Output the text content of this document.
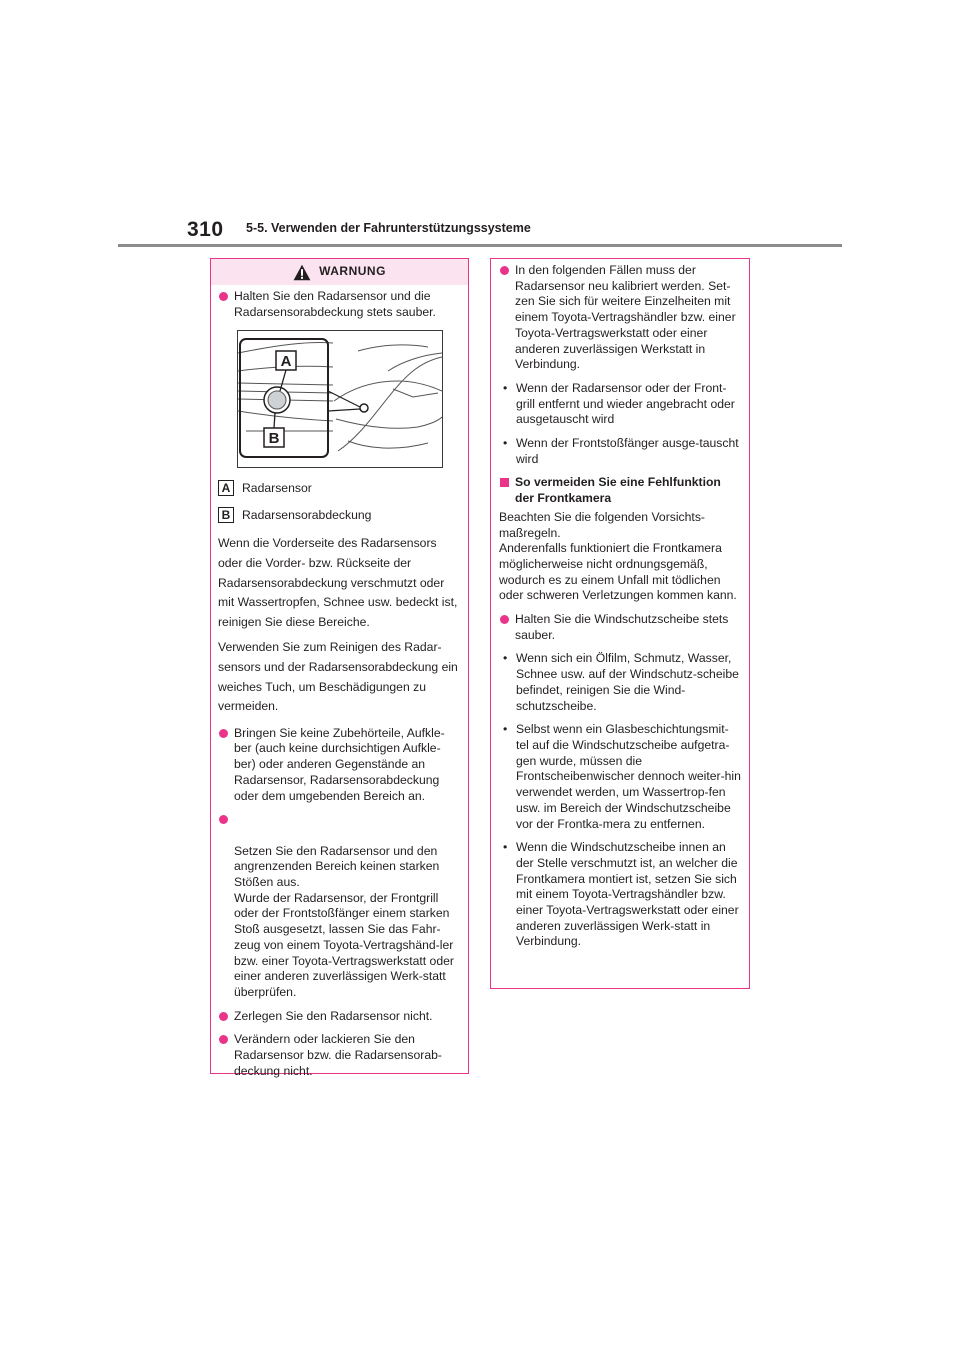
310 5-5. Verwenden der Fahrunterstützungssysteme
WARNUNG
Halten Sie den Radarsensor und die Radarsensorabdeckung stets sauber.
A
B
A Radarsensor
B Radarsensorabdeckung
Wenn die Vorderseite des Radarsensors oder die Vorder- bzw. Rückseite der Radarsensorabdeckung verschmutzt oder mit Wassertropfen, Schnee usw. bedeckt ist, reinigen Sie diese Bereiche.
Verwenden Sie zum Reinigen des Radar-sensors und der Radarsensorabdeckung ein weiches Tuch, um Beschädigungen zu vermeiden.
Bringen Sie keine Zubehörteile, Aufkle-ber (auch keine durchsichtigen Aufkle-ber) oder anderen Gegenstände an Radarsensor, Radarsensorabdeckung oder dem umgebenden Bereich an.

Setzen Sie den Radarsensor und den angrenzenden Bereich keinen starken Stößen aus.
Wurde der Radarsensor, der Frontgrill oder der Frontstoßfänger einem starken Stoß ausgesetzt, lassen Sie das Fahr-zeug von einem Toyota-Vertragshänd-ler bzw. einer Toyota-Vertragswerkstatt oder einer anderen zuverlässigen Werk-statt überprüfen.

Zerlegen Sie den Radarsensor nicht.
Verändern oder lackieren Sie den Radarsensor bzw. die Radarsensorab-deckung nicht.
In den folgenden Fällen muss der Radarsensor neu kalibriert werden. Set-zen Sie sich für weitere Einzelheiten mit einem Toyota-Vertragshändler bzw. einer Toyota-Vertragswerkstatt oder einer anderen zuverlässigen Werkstatt in Verbindung.
• Wenn der Radarsensor oder der Front-grill entfernt und wieder angebracht oder ausgetauscht wird
• Wenn der Frontstoßfänger ausge-tauscht wird
So vermeiden Sie eine Fehlfunktion der Frontkamera
Beachten Sie die folgenden Vorsichts-maßregeln.
Anderenfalls funktioniert die Frontkamera möglicherweise nicht ordnungsgemäß, wodurch es zu einem Unfall mit tödlichen oder schweren Verletzungen kommen kann.
Halten Sie die Windschutzscheibe stets sauber.
• Wenn sich ein Ölfilm, Schmutz, Wasser, Schnee usw. auf der Windschutz-scheibe befindet, reinigen Sie die Wind-schutzscheibe.
• Selbst wenn ein Glasbeschichtungsmit-tel auf die Windschutzscheibe aufgetra-gen wurde, müssen die Frontscheibenwischer dennoch weiter-hin verwendet werden, um Wassertrop-fen usw. im Bereich der Windschutzscheibe vor der Frontka-mera zu entfernen.
• Wenn die Windschutzscheibe innen an der Stelle verschmutzt ist, an welcher die Frontkamera montiert ist, setzen Sie sich mit einem Toyota-Vertragshändler bzw. einer Toyota-Vertragswerkstatt oder einer anderen zuverlässigen Werk-statt in Verbindung.
